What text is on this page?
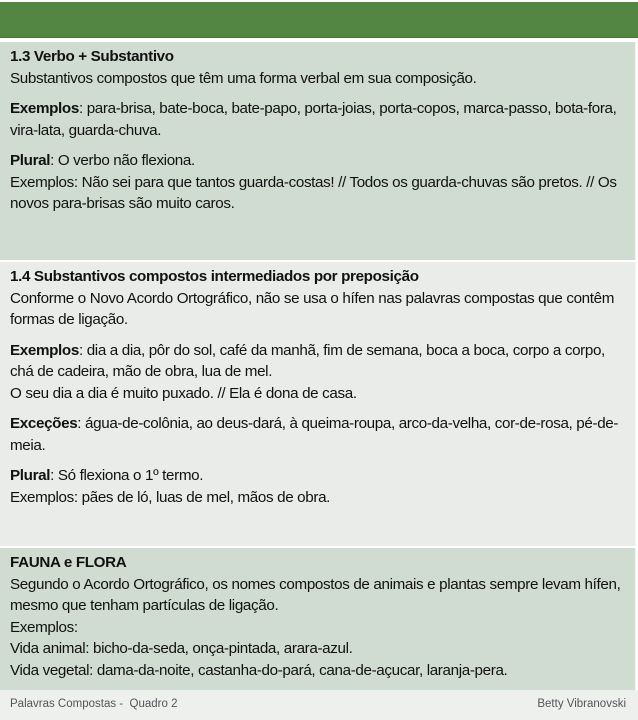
1.3 Verbo + Substantivo

Substantivos compostos que têm uma forma verbal em sua composição.

Exemplos: para-brisa, bate-boca, bate-papo, porta-joias, porta-copos, marca-passo, bota-fora, vira-lata, guarda-chuva.

Plural: O verbo não flexiona.

Exemplos: Não sei para que tantos guarda-costas! // Todos os guarda-chuvas são pretos. // Os novos para-brisas são muito caros.

1.4 Substantivos compostos intermediados por preposição

Conforme o Novo Acordo Ortográfico, não se usa o hífen nas palavras compostas que contêm formas de ligação.

Exemplos: dia a dia, pôr do sol, café da manhã, fim de semana, boca a boca, corpo a corpo, chá de cadeira, mão de obra, lua de mel.

O seu dia a dia é muito puxado. // Ela é dona de casa.

Exceções: água-de-colônia, ao deus-dará, à queima-roupa, arco-da-velha, cor-de-rosa, pé-de-meia.

Plural: Só flexiona o 1º termo.

Exemplos: pães de ló, luas de mel, mãos de obra.

FAUNA e FLORA

Segundo o Acordo Ortográfico, os nomes compostos de animais e plantas sempre levam hífen, mesmo que tenham partículas de ligação.

Exemplos:

Vida animal: bicho-da-seda, onça-pintada, arara-azul.

Vida vegetal: dama-da-noite, castanha-do-pará, cana-de-açucar, laranja-pera.

Palavras Compostas -  Quadro 2	Betty Vibranovski
